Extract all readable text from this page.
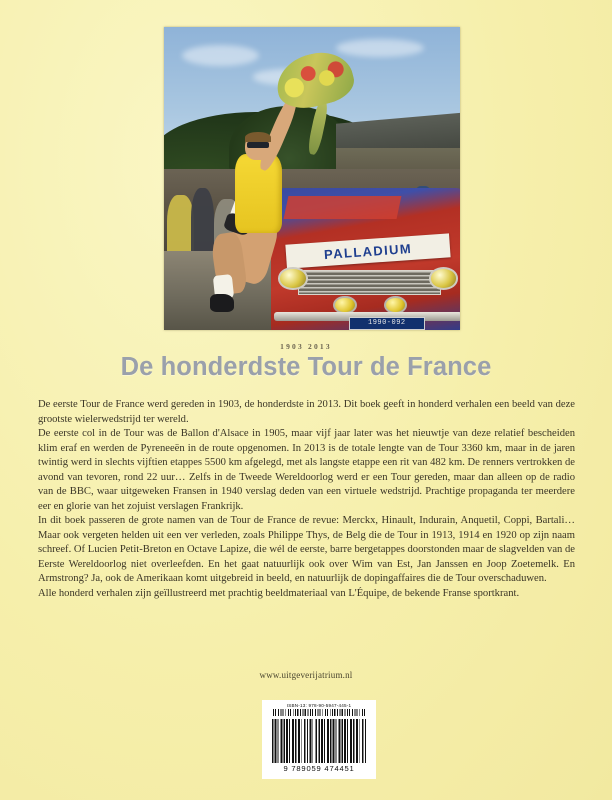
PALLADIUM
1990-092
1903 2013
De honderdste Tour de France

De eerste Tour de France werd gereden in 1903, de honderdste in 2013. Dit boek geeft in honderd verhalen een beeld van deze grootste wielerwedstrijd ter wereld.

De eerste col in de Tour was de Ballon d'Alsace in 1905, maar vijf jaar later was het nieuwtje van deze relatief bescheiden klim eraf en werden de Pyreneeën in de route opgenomen. In 2013 is de totale lengte van de Tour 3360 km, maar in de jaren twintig werd in slechts vijftien etappes 5500 km afgelegd, met als langste etappe een rit van 482 km. De renners vertrokken de avond van tevoren, rond 22 uur… Zelfs in de Tweede Wereldoorlog werd er een Tour gereden, maar dan alleen op de radio van de BBC, waar uitgeweken Fransen in 1940 verslag deden van een virtuele wedstrijd. Prachtige propaganda ter meerdere eer en glorie van het zojuist verslagen Frankrijk.

In dit boek passeren de grote namen van de Tour de France de revue: Merckx, Hinault, Indurain, Anquetil, Coppi, Bartali… Maar ook vergeten helden uit een ver verleden, zoals Philippe Thys, de Belg die de Tour in 1913, 1914 en 1920 op zijn naam schreef. Of Lucien Petit-Breton en Octave Lapize, die wél de eerste, barre bergetappes doorstonden maar de slagvelden van de Eerste Wereldoorlog niet overleefden. En het gaat natuurlijk ook over Wim van Est, Jan Janssen en Joop Zoetemelk. En Armstrong? Ja, ook de Amerikaan komt uitgebreid in beeld, en natuurlijk de dopingaffaires die de Tour overschaduwen.

Alle honderd verhalen zijn geïllustreerd met prachtig beeldmateriaal van L'Équipe, de bekende Franse sportkrant.

www.uitgeverijatrium.nl
ISBN-13: 978-90-5947-445-1
9 789059 474451
